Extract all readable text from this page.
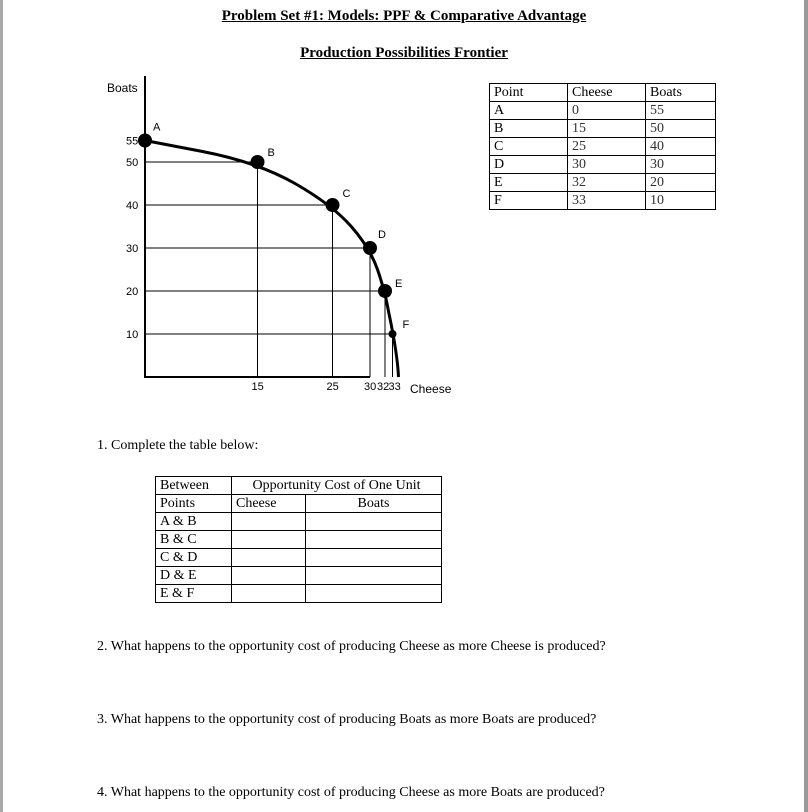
Problem Set #1: Models: PPF & Comparative Advantage
Production Possibilities Frontier
Boats
Cheese
55
50
40
30
20
10
15	25 30 32 33
A
B
C
D
E
F
Point	Cheese	Boats
A	0	55
B	15	50
C	25	40
D	30	30
E	32	20
F	33	10
1. Complete the table below:
Between	Opportunity Cost of One Unit	
Points	Cheese	Boats
A & B		
B & C		
C & D		
D & E		
E & F		
2. What happens to the opportunity cost of producing Cheese as more Cheese is produced?
3. What happens to the opportunity cost of producing Boats as more Boats are produced?
4. What happens to the opportunity cost of producing Cheese as more Boats are produced?
